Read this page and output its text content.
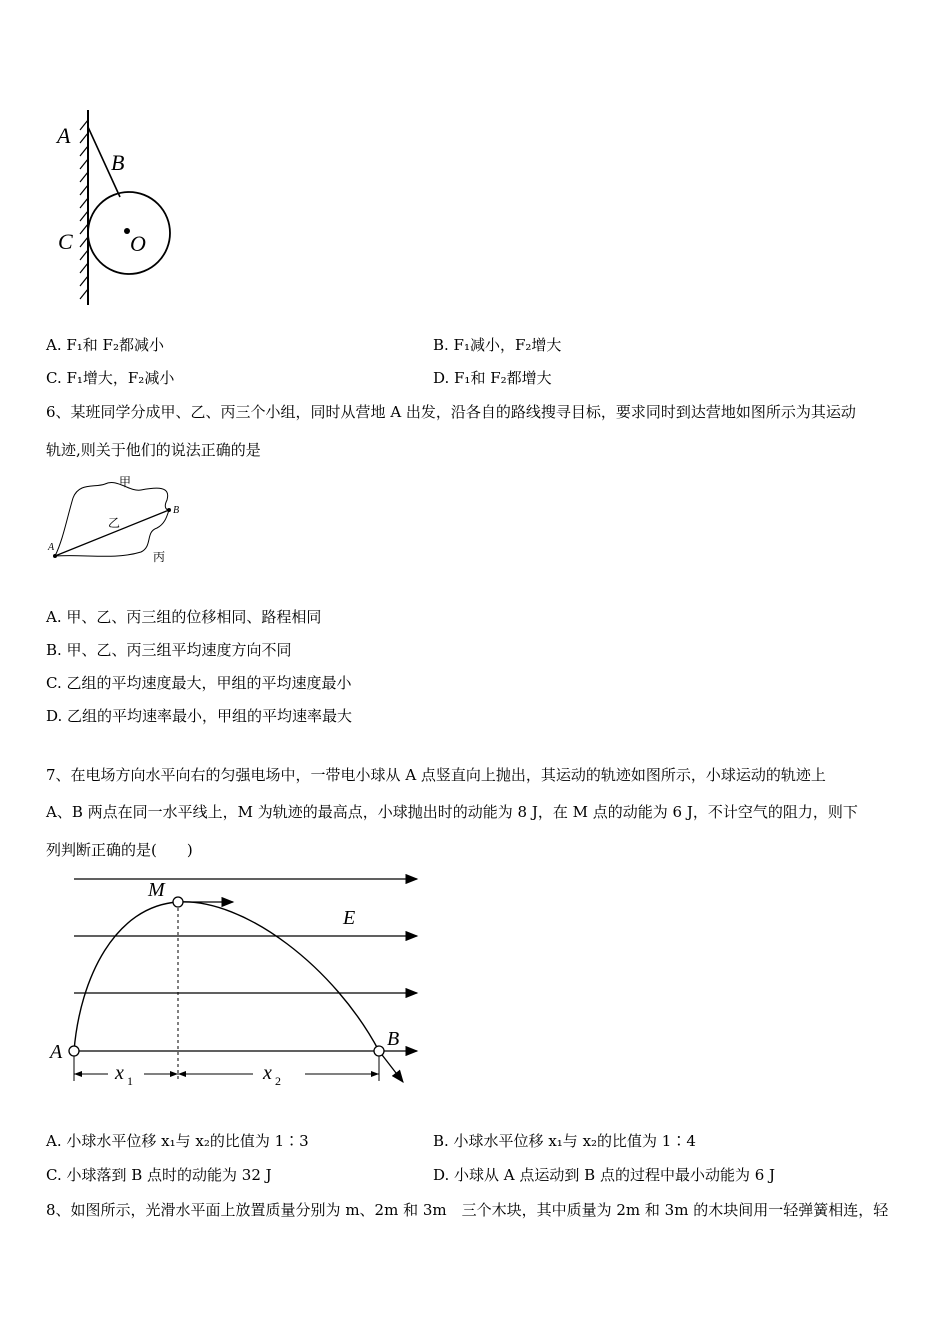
A
B
C	O
A. F₁和 F₂都减小	B. F₁减小，F₂增大
C. F₁增大，F₂减小	D. F₁和 F₂都增大
6、某班同学分成甲、乙、丙三个小组，同时从营地 A 出发，沿各自的路线搜寻目标，要求同时到达营地如图所示为其运动
轨迹,则关于他们的说法正确的是
甲
乙
丙
A
B
A. 甲、乙、丙三组的位移相同、路程相同
B. 甲、乙、丙三组平均速度方向不同
C. 乙组的平均速度最大，甲组的平均速度最小
D. 乙组的平均速率最小，甲组的平均速率最大
7、在电场方向水平向右的匀强电场中，一带电小球从 A 点竖直向上抛出，其运动的轨迹如图所示，小球运动的轨迹上
A、B 两点在同一水平线上，M 为轨迹的最高点，小球抛出时的动能为 8 J，在 M 点的动能为 6 J，不计空气的阻力，则下
列判断正确的是(　　)
M
E
A
B
x 1	x 2
A. 小球水平位移 x₁与 x₂的比值为 1∶3	B. 小球水平位移 x₁与 x₂的比值为 1∶4
C. 小球落到 B 点时的动能为 32 J	D. 小球从 A 点运动到 B 点的过程中最小动能为 6 J
8、如图所示，光滑水平面上放置质量分别为 m、2m 和 3m　三个木块，其中质量为 2m 和 3m 的木块间用一轻弹簧相连，轻
